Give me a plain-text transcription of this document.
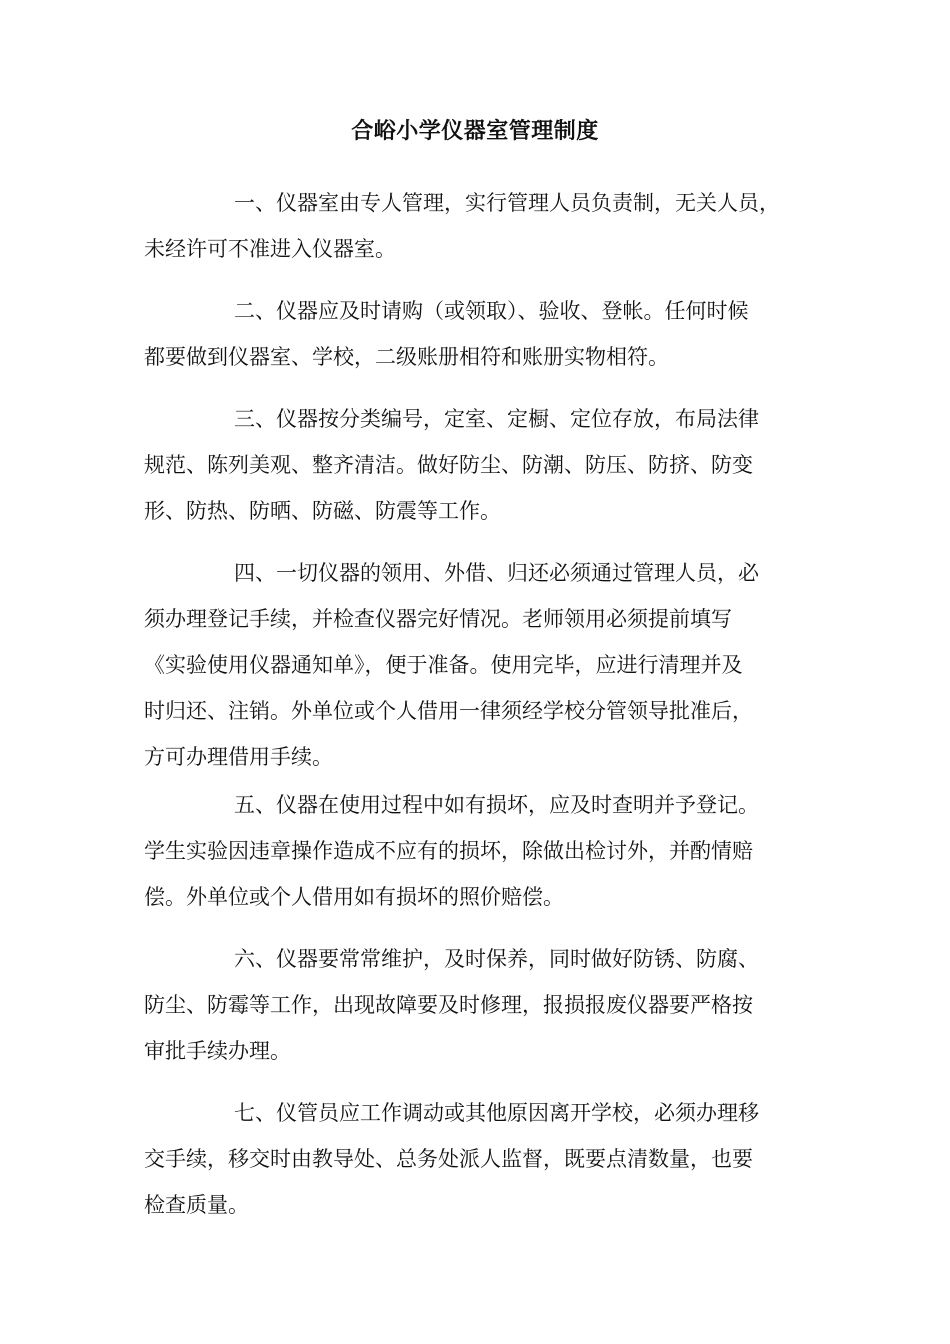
合峪小学仪器室管理制度
一、仪器室由专人管理，实行管理人员负责制，无关人员，
未经许可不准进入仪器室。
二、仪器应及时请购（或领取）、验收、登帐。任何时候
都要做到仪器室、学校，二级账册相符和账册实物相符。
三、仪器按分类编号，定室、定橱、定位存放，布局法律
规范、陈列美观、整齐清洁。做好防尘、防潮、防压、防挤、防变
形、防热、防晒、防磁、防震等工作。
四、一切仪器的领用、外借、归还必须通过管理人员，必
须办理登记手续，并检查仪器完好情况。老师领用必须提前填写
《实验使用仪器通知单》，便于准备。使用完毕，应进行清理并及
时归还、注销。外单位或个人借用一律须经学校分管领导批准后，
方可办理借用手续。
五、仪器在使用过程中如有损坏，应及时查明并予登记。
学生实验因违章操作造成不应有的损坏，除做出检讨外，并酌情赔
偿。外单位或个人借用如有损坏的照价赔偿。
六、仪器要常常维护，及时保养，同时做好防锈、防腐、
防尘、防霉等工作，出现故障要及时修理，报损报废仪器要严格按
审批手续办理。
七、仪管员应工作调动或其他原因离开学校，必须办理移
交手续，移交时由教导处、总务处派人监督，既要点清数量，也要
检查质量。
